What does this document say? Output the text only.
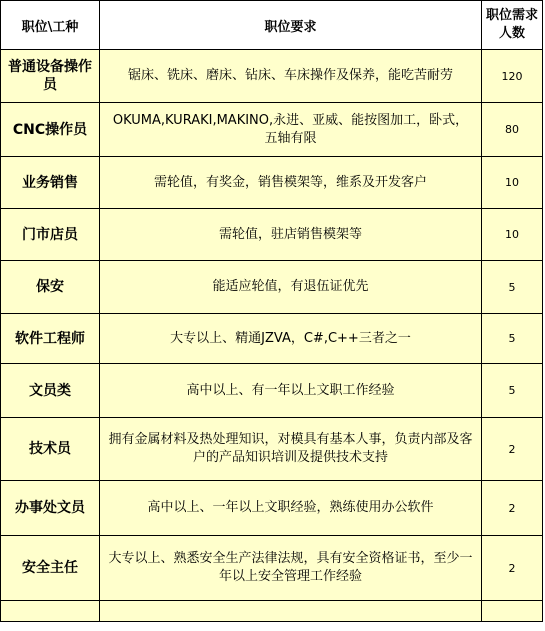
职位\工种	职位要求	职位需求人数
普通设备操作员	锯床、铣床、磨床、钻床、车床操作及保养，能吃苦耐劳	120
CNC操作员	OKUMA,KURAKI,MAKINO,永进、亚威、能按图加工，卧式，五轴有限	80
业务销售	需轮值，有奖金，销售模架等，维系及开发客户	10
门市店员	需轮值，驻店销售模架等	10
保安	能适应轮值，有退伍证优先	5
软件工程师	大专以上、精通JZVA，C#,C++三者之一	5
文员类	高中以上、有一年以上文职工作经验	5
技术员	拥有金属材料及热处理知识，对模具有基本人事，负责内部及客户的产品知识培训及提供技术支持	2
办事处文员	高中以上、一年以上文职经验，熟练使用办公软件	2
安全主任	大专以上、熟悉安全生产法律法规，具有安全资格证书，至少一年以上安全管理工作经验	2
